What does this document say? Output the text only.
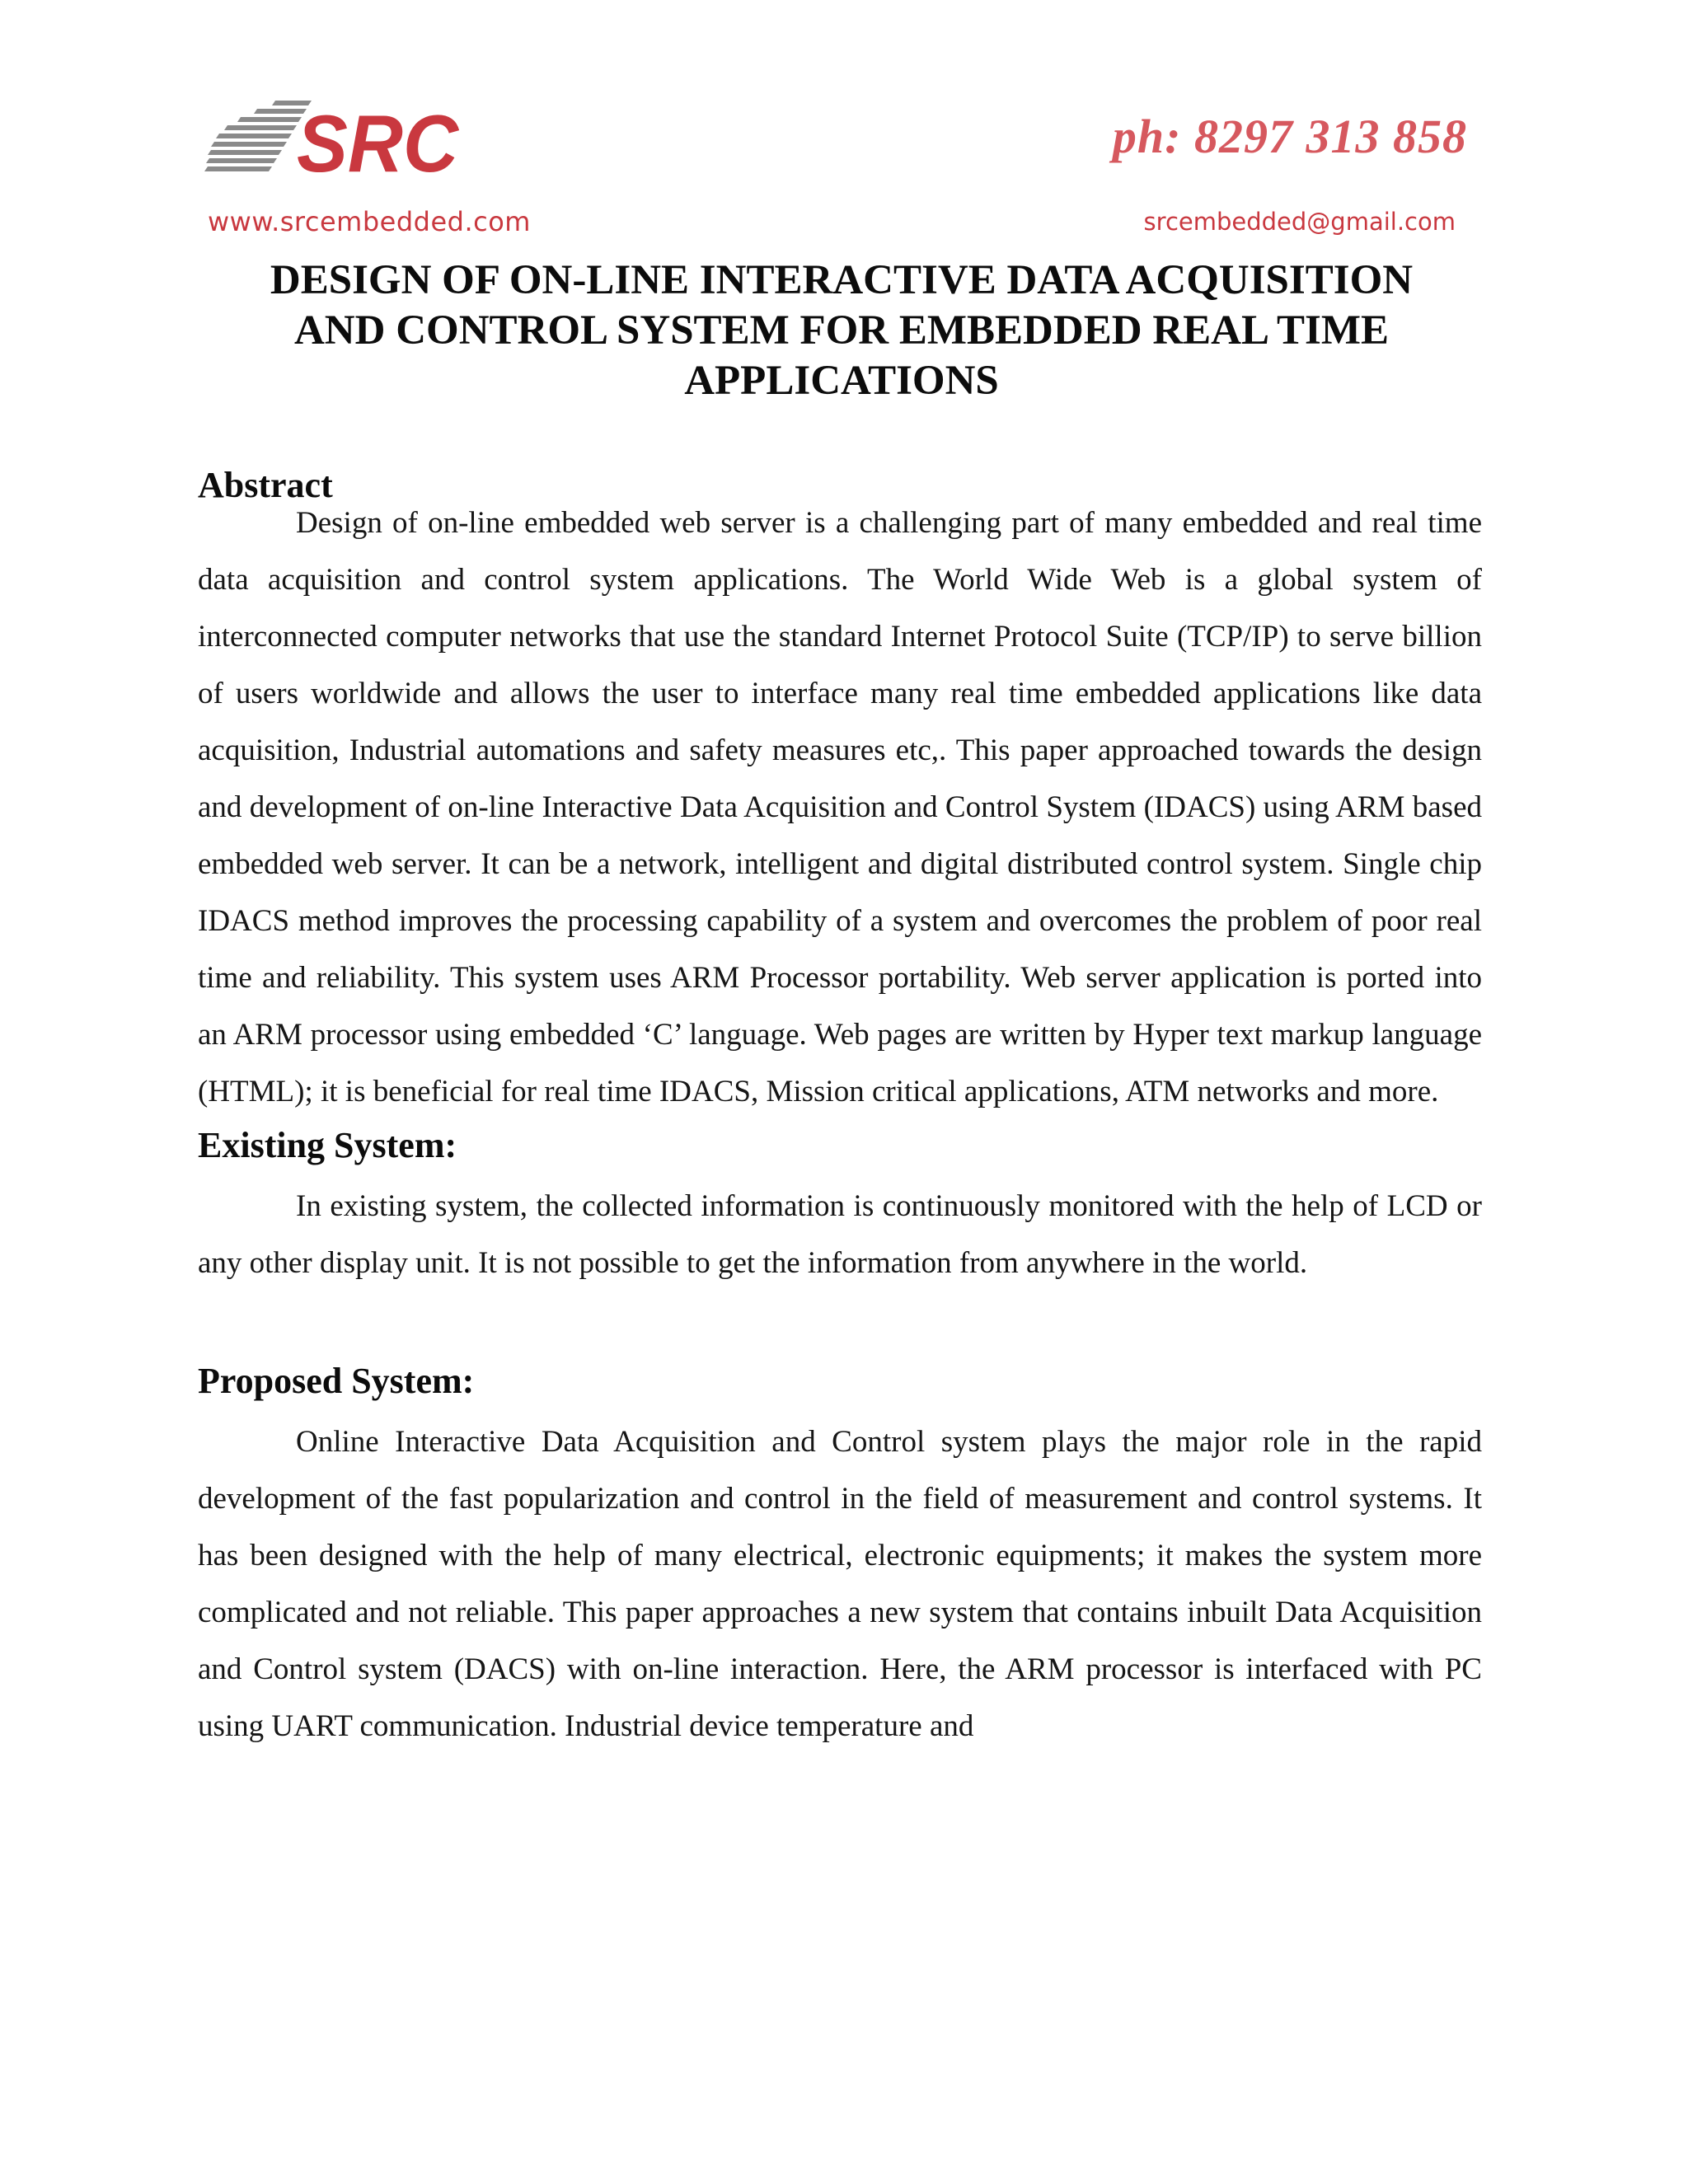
SRC
www.srcembedded.com
ph: 8297 313 858
srcembedded@gmail.com
DESIGN OF ON-LINE INTERACTIVE DATA ACQUISITION
AND CONTROL SYSTEM FOR EMBEDDED REAL TIME
APPLICATIONS
Abstract

Design of on-line embedded web server is a challenging part of many embedded and real time data acquisition and control system applications. The World Wide Web is a global system of interconnected computer networks that use the standard Internet Protocol Suite (TCP/IP) to serve billion of users worldwide and allows the user to interface many real time embedded applications like data acquisition, Industrial automations and safety measures etc,. This paper approached towards the design and development of on-line Interactive Data Acquisition and Control System (IDACS) using ARM based embedded web server. It can be a network, intelligent and digital distributed control system. Single chip IDACS method improves the processing capability of a system and overcomes the problem of poor real time and reliability. This system uses ARM Processor portability. Web server application is ported into an ARM processor using embedded ‘C’ language. Web pages are written by Hyper text markup language (HTML); it is beneficial for real time IDACS, Mission critical applications, ATM networks and more.

Existing System:

In existing system, the collected information is continuously monitored with the help of LCD or any other display unit. It is not possible to get the information from anywhere in the world.

Proposed System:

Online Interactive Data Acquisition and Control system plays the major role in the rapid development of the fast popularization and control in the field of measurement and control systems. It has been designed with the help of many electrical, electronic equipments; it makes the system more complicated and not reliable. This paper approaches a new system that contains inbuilt Data Acquisition and Control system (DACS) with on-line interaction. Here, the ARM processor is interfaced with PC using UART communication. Industrial device temperature and
